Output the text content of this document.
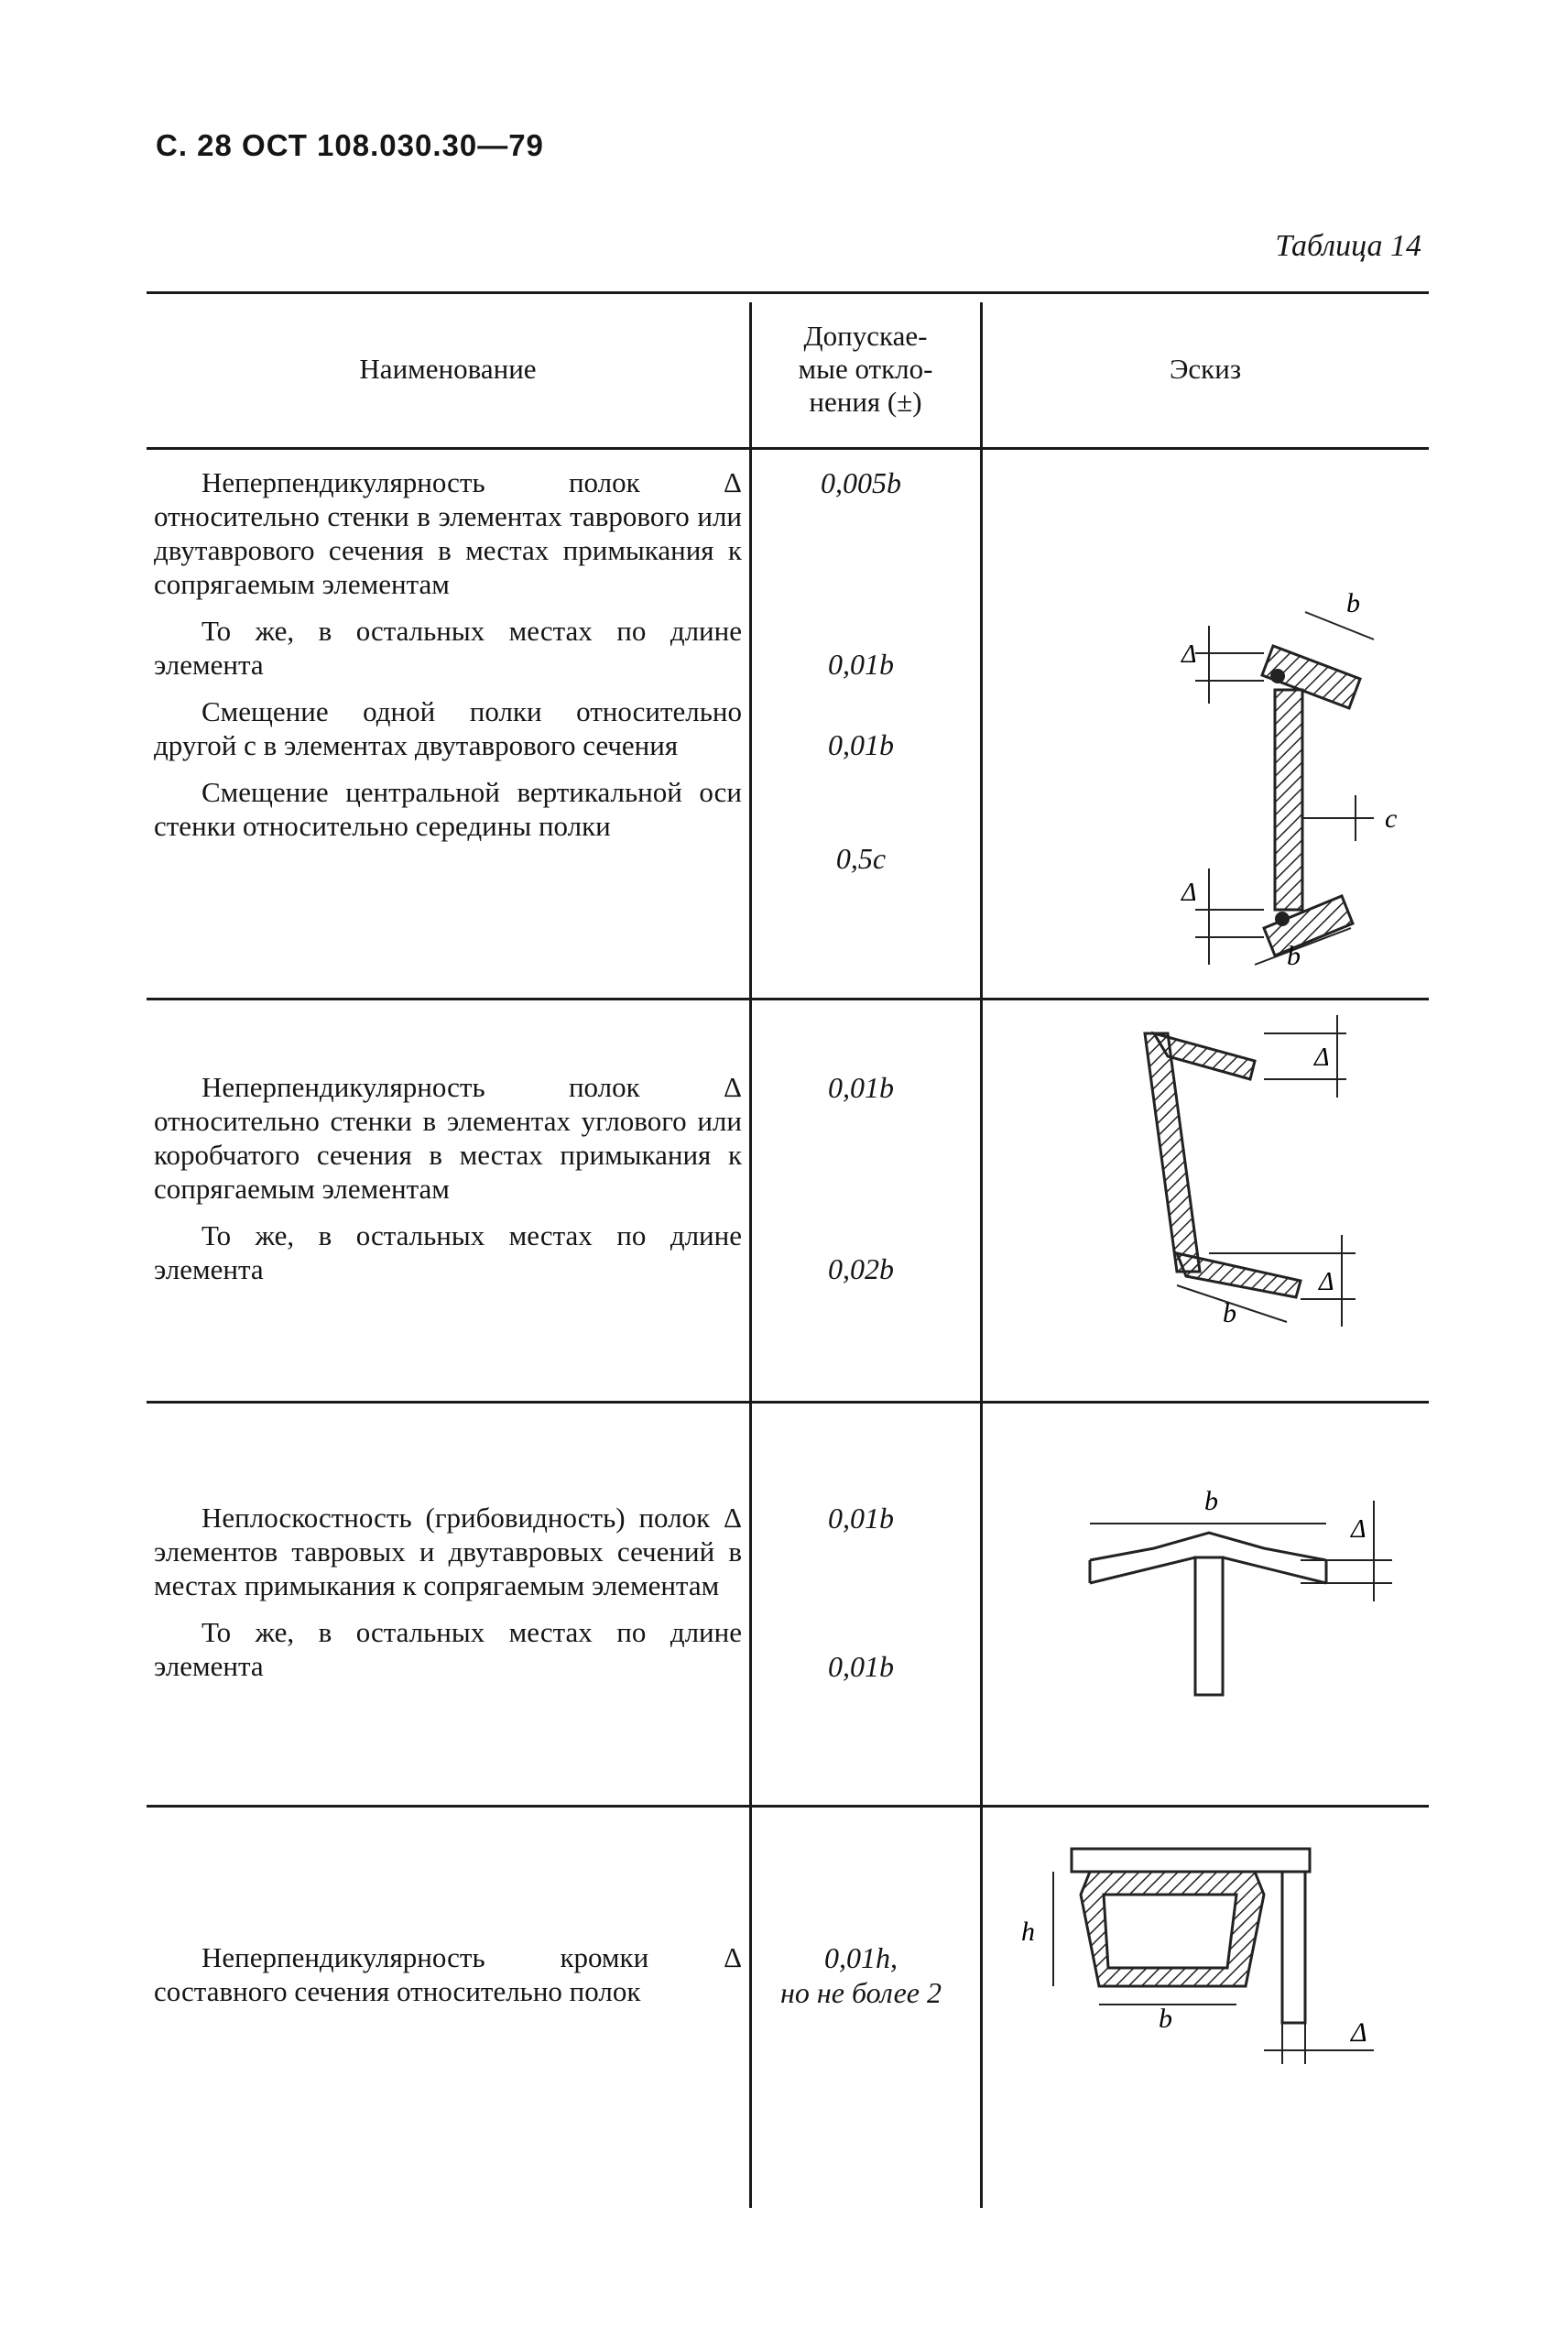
С. 28 ОСТ 108.030.30—79
Таблица 14
Наименование
Допускае-
мые откло-
нения (±)
Эскиз

Неперпендикулярность полок Δ относительно стенки в элементах таврового или двутаврового сечения в местах примыкания к сопрягаемым элементам

То же, в остальных местах по длине элемента

Смещение одной полки относительно другой c в элементах двутаврового сечения

Смещение центральной вертикальной оси стенки относительно середины полки

0,005b
0,01b
0,01b
0,5c
b
Δ
c
Δ
b

Неперпендикулярность полок Δ относительно стенки в элементах углового или коробчатого сечения в местах примыкания к сопрягаемым элементам

То же, в остальных местах по длине элемента

0,01b
0,02b
Δ
Δ
b

Неплоскостность (грибовидность) полок Δ элементов тавровых и двутавровых сечений в местах примыкания к сопрягаемым элементам

То же, в остальных местах по длине элемента

0,01b
0,01b
b
Δ

Неперпендикулярность кромки Δ составного сечения относительно полок

0,01h,
но не более 2
h
b	Δ
